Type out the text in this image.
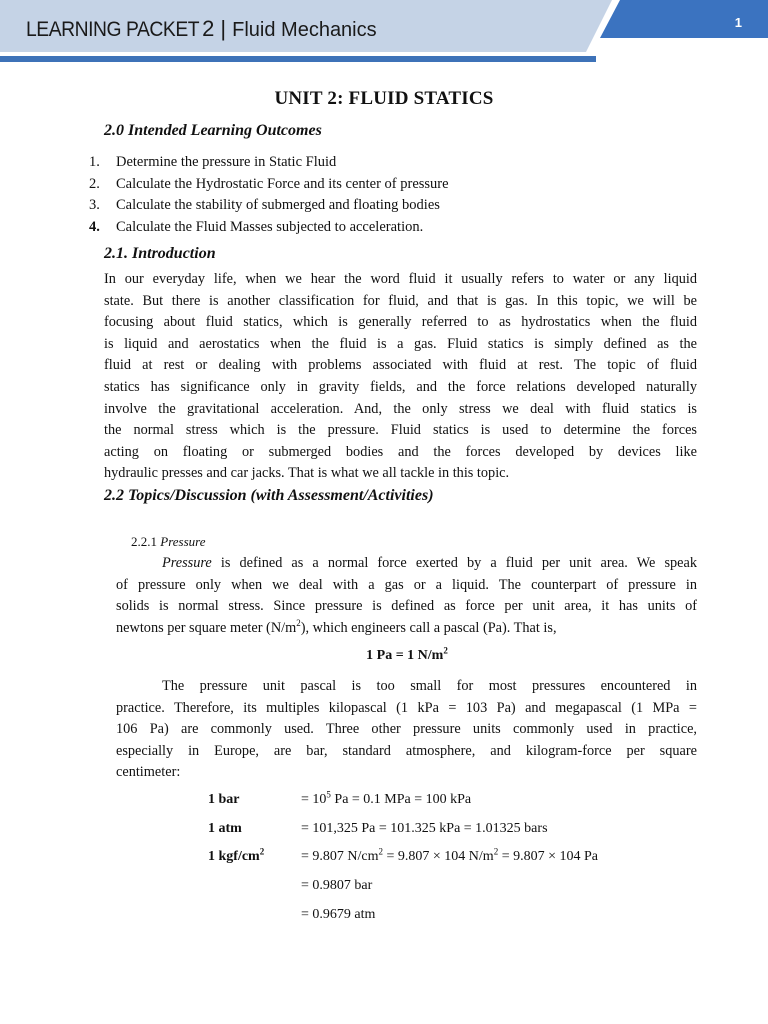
LEARNING PACKET 2 | Fluid Mechanics	1
UNIT 2: FLUID STATICS
2.0 Intended Learning Outcomes
1. Determine the pressure in Static Fluid
2. Calculate the Hydrostatic Force and its center of pressure
3. Calculate the stability of submerged and floating bodies
4. Calculate the Fluid Masses subjected to acceleration.
2.1. Introduction
In our everyday life, when we hear the word fluid it usually refers to water or any liquid
state. But there is another classification for fluid, and that is gas. In this topic, we will be
focusing about fluid statics, which is generally referred to as hydrostatics when the fluid
is liquid and aerostatics when the fluid is a gas. Fluid statics is simply defined as the
fluid at rest or dealing with problems associated with fluid at rest. The topic of fluid
statics has significance only in gravity fields, and the force relations developed naturally
involve the gravitational acceleration. And, the only stress we deal with fluid statics is
the normal stress which is the pressure. Fluid statics is used to determine the forces
acting on floating or submerged bodies and the forces developed by devices like
hydraulic presses and car jacks. That is what we all tackle in this topic.
2.2 Topics/Discussion (with Assessment/Activities)
2.2.1 Pressure
Pressure is defined as a normal force exerted by a fluid per unit area. We speak
of pressure only when we deal with a gas or a liquid. The counterpart of pressure in
solids is normal stress. Since pressure is defined as force per unit area, it has units of
newtons per square meter $(N/m^2)$, which engineers call a pascal (Pa). That is,
1 Pa = 1 $N/m^2$
The pressure unit pascal is too small for most pressures encountered in
practice. Therefore, its multiples kilopascal (1 kPa = 103 Pa) and megapascal (1 MPa =
106 Pa) are commonly used. Three other pressure units commonly used in practice,
especially in Europe, are bar, standard atmosphere, and kilogram-force per square
centimeter:
1 bar	= $10^5$ Pa = 0.1 MPa = 100 kPa
1 atm	= 101,325 Pa = 101.325 kPa = 1.01325 bars
1 kgf/$cm^2$	= 9.807 $N/cm^2 = 9.807 \times 104$ $N/m^2 = 9.807 \times 104$ Pa
= 0.9807 bar
= 0.9679 atm
